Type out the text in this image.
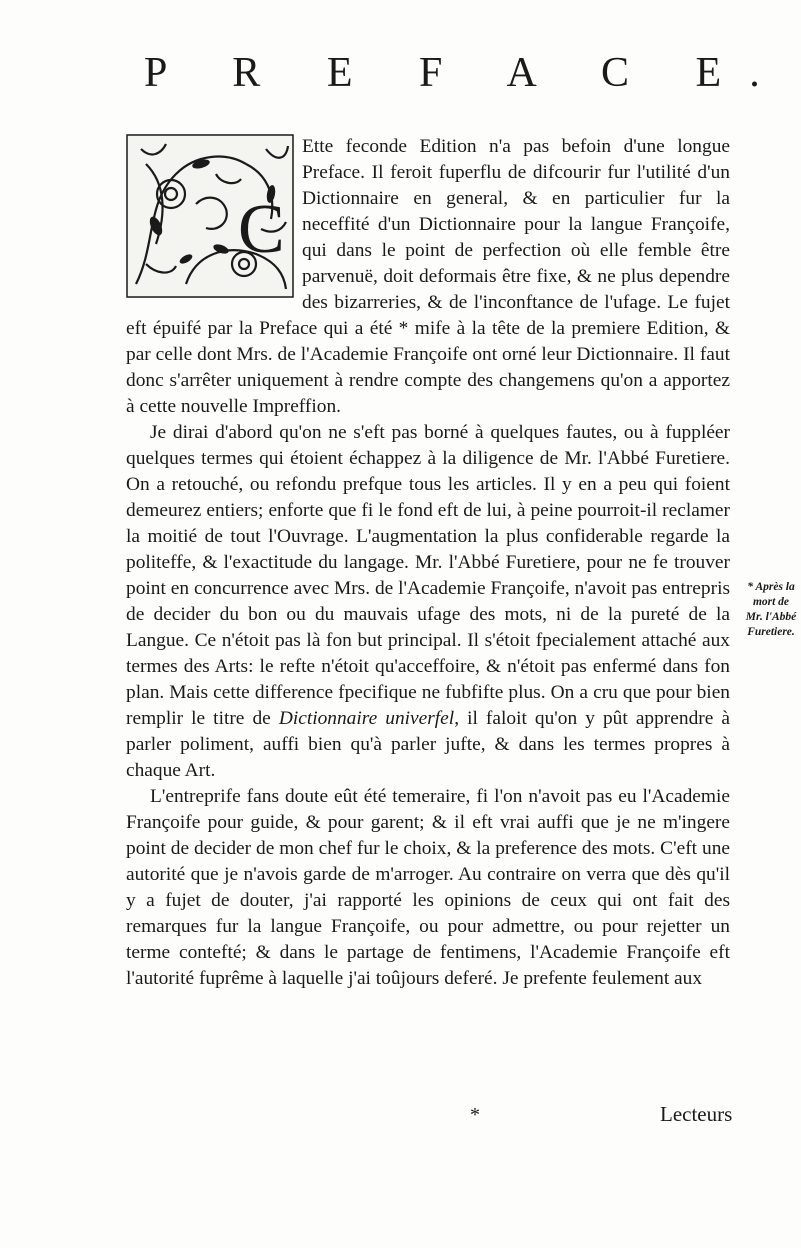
P R E F A C E.
C

Ette feconde Edition n'a pas befoin d'une longue Preface. Il feroit fuperflu de difcourir fur l'utilité d'un Dictionnaire en general, & en particulier fur la neceffité d'un Dictionnaire pour la langue Françoife, qui dans le point de perfection où elle femble être parvenuë, doit deformais être fixe, & ne plus dependre des bizarreries, & de l'inconftance de l'ufage. Le fujet eft épuifé par la Preface qui a été * mife à la tête de la premiere Edition, & par celle dont Mrs. de l'Academie Françoife ont orné leur Dictionnaire. Il faut donc s'arrêter uniquement à rendre compte des changemens qu'on a apportez à cette nouvelle Impreffion.

Je dirai d'abord qu'on ne s'eft pas borné à quelques fautes, ou à fuppléer quelques termes qui étoient échappez à la diligence de Mr. l'Abbé Furetiere. On a retouché, ou refondu prefque tous les articles. Il y en a peu qui foient demeurez entiers; enforte que fi le fond eft de lui, à peine pourroit-il reclamer la moitié de tout l'Ouvrage. L'augmentation la plus confiderable regarde la politeffe, & l'exactitude du langage. Mr. l'Abbé Furetiere, pour ne fe trouver point en concurrence avec Mrs. de l'Academie Françoife, n'avoit pas entrepris de decider du bon ou du mauvais ufage des mots, ni de la pureté de la Langue. Ce n'étoit pas là fon but principal. Il s'étoit fpecialement attaché aux termes des Arts: le refte n'étoit qu'acceffoire, & n'étoit pas enfermé dans fon plan. Mais cette difference fpecifique ne fubfifte plus. On a cru que pour bien remplir le titre de Dictionnaire univerfel, il faloit qu'on y pût apprendre à parler poliment, auffi bien qu'à parler jufte, & dans les termes propres à chaque Art.

L'entreprife fans doute eût été temeraire, fi l'on n'avoit pas eu l'Academie Françoife pour guide, & pour garent; & il eft vrai auffi que je ne m'ingere point de decider de mon chef fur le choix, & la preference des mots. C'eft une autorité que je n'avois garde de m'arroger. Au contraire on verra que dès qu'il y a fujet de douter, j'ai rapporté les opinions de ceux qui ont fait des remarques fur la langue Françoife, ou pour admettre, ou pour rejetter un terme contefté; & dans le partage de fentimens, l'Academie Françoife eft l'autorité fuprême à laquelle j'ai toûjours deferé. Je prefente feulement aux

* Après la mort de Mr. l'Abbé Furetiere.
*	Lecteurs
